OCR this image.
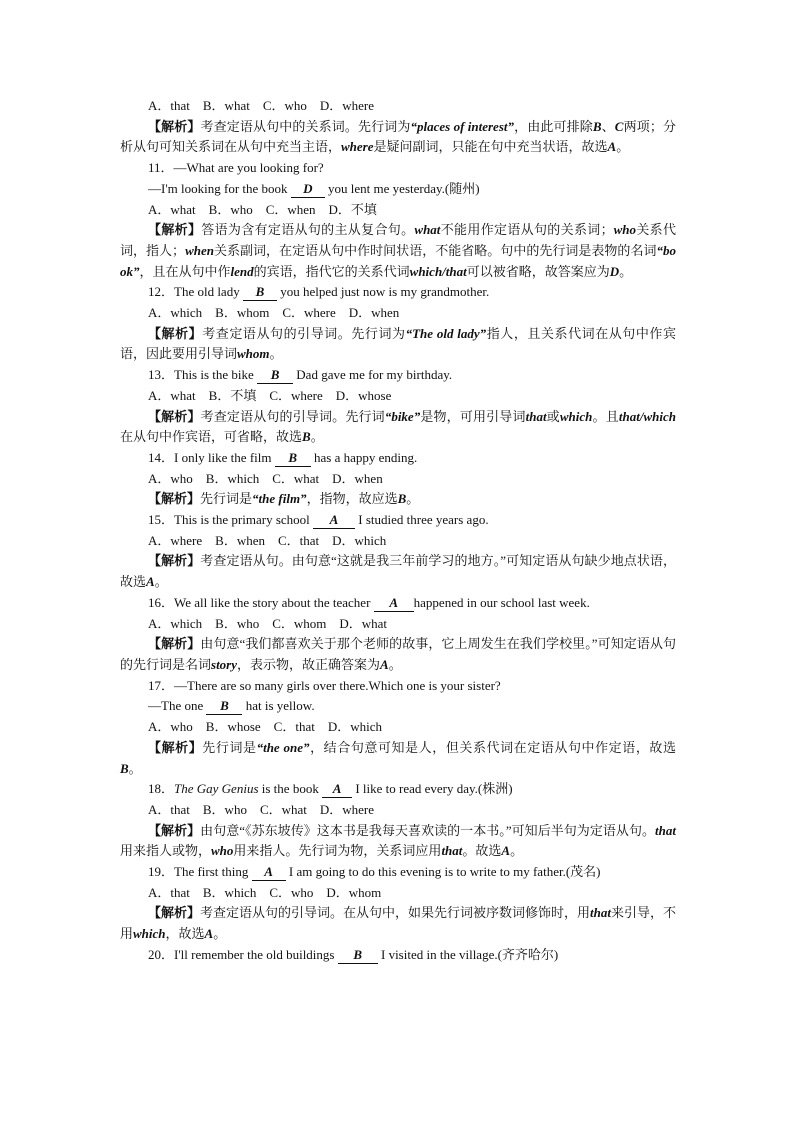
A．that　B．what　C．who　D．where
【解析】考查定语从句中的关系词。先行词为“places of interest”，由此可排除B、C两项；分析从句可知关系词在从句中充当主语，where是疑问副词，只能在句中充当状语，故选A。
11．—What are you looking for?
—I'm looking for the book D you lent me yesterday.(随州)
A．what　B．who　C．when　D．不填
【解析】答语为含有定语从句的主从复合句。what不能用作定语从句的关系词；who关系代词，指人；when关系副词，在定语从句中作时间状语，不能省略。句中的先行词是表物的名词“book”，且在从句中作lend的宾语，指代它的关系代词which/that可以被省略，故答案应为D。
12．The old lady B you helped just now is my grandmother.
A．which　B．whom　C．where　D．when
【解析】考查定语从句的引导词。先行词为“The old lady”指人，且关系代词在从句中作宾语，因此要用引导词whom。
13．This is the bike B Dad gave me for my birthday.
A．what　B．不填　C．where　D．whose
【解析】考查定语从句的引导词。先行词“bike”是物，可用引导词that或which。且that/which在从句中作宾语，可省略，故选B。
14．I only like the film B has a happy ending.
A．who　B．which　C．what　D．when
【解析】先行词是“the film”，指物，故应选B。
15．This is the primary school A I studied three years ago.
A．where　B．when　C．that　D．which
【解析】考查定语从句。由句意“这就是我三年前学习的地方。”可知定语从句缺少地点状语，故选A。
16．We all like the story about the teacher A happened in our school last week.
A．which　B．who　C．whom　D．what
【解析】由句意“我们都喜欢关于那个老师的故事，它上周发生在我们学校里。”可知定语从句的先行词是名词story，表示物，故正确答案为A。
17．—There are so many girls over there.Which one is your sister?
—The one B hat is yellow.
A．who　B．whose　C．that　D．which
【解析】先行词是“the one”，结合句意可知是人，但关系代词在定语从句中作定语，故选B。
18．The Gay Genius is the book A I like to read every day.(株洲)
A．that　B．who　C．what　D．where
【解析】由句意“《苏东坡传》这本书是我每天喜欢读的一本书。”可知后半句为定语从句。that用来指人或物，who用来指人。先行词为物，关系词应用that。故选A。
19．The first thing A I am going to do this evening is to write to my father.(茂名)
A．that　B．which　C．who　D．whom
【解析】考查定语从句的引导词。在从句中，如果先行词被序数词修饰时，用that来引导，不用which，故选A。
20．I'll remember the old buildings B I visited in the village.(齐齐哈尔)
